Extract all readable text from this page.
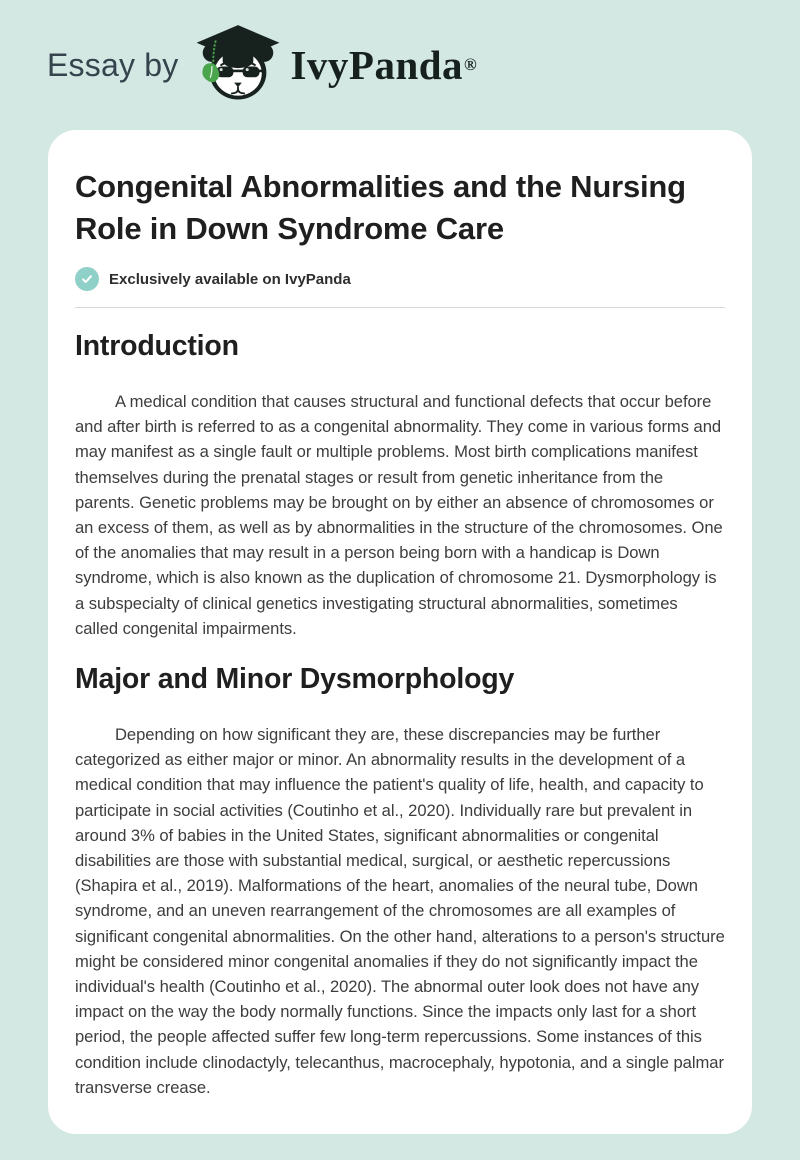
Essay by	IvyPanda ®
Congenital Abnormalities and the Nursing Role in Down Syndrome Care
Exclusively available on IvyPanda
Introduction

A medical condition that causes structural and functional defects that occur before and after birth is referred to as a congenital abnormality. They come in various forms and may manifest as a single fault or multiple problems. Most birth complications manifest themselves during the prenatal stages or result from genetic inheritance from the parents. Genetic problems may be brought on by either an absence of chromosomes or an excess of them, as well as by abnormalities in the structure of the chromosomes. One of the anomalies that may result in a person being born with a handicap is Down syndrome, which is also known as the duplication of chromosome 21. Dysmorphology is a subspecialty of clinical genetics investigating structural abnormalities, sometimes called congenital impairments.

Major and Minor Dysmorphology

Depending on how significant they are, these discrepancies may be further categorized as either major or minor. An abnormality results in the development of a medical condition that may influence the patient's quality of life, health, and capacity to participate in social activities (Coutinho et al., 2020). Individually rare but prevalent in around 3% of babies in the United States, significant abnormalities or congenital disabilities are those with substantial medical, surgical, or aesthetic repercussions (Shapira et al., 2019). Malformations of the heart, anomalies of the neural tube, Down syndrome, and an uneven rearrangement of the chromosomes are all examples of significant congenital abnormalities. On the other hand, alterations to a person's structure might be considered minor congenital anomalies if they do not significantly impact the individual's health (Coutinho et al., 2020). The abnormal outer look does not have any impact on the way the body normally functions. Since the impacts only last for a short period, the people affected suffer few long-term repercussions. Some instances of this condition include clinodactyly, telecanthus, macrocephaly, hypotonia, and a single palmar transverse crease.
